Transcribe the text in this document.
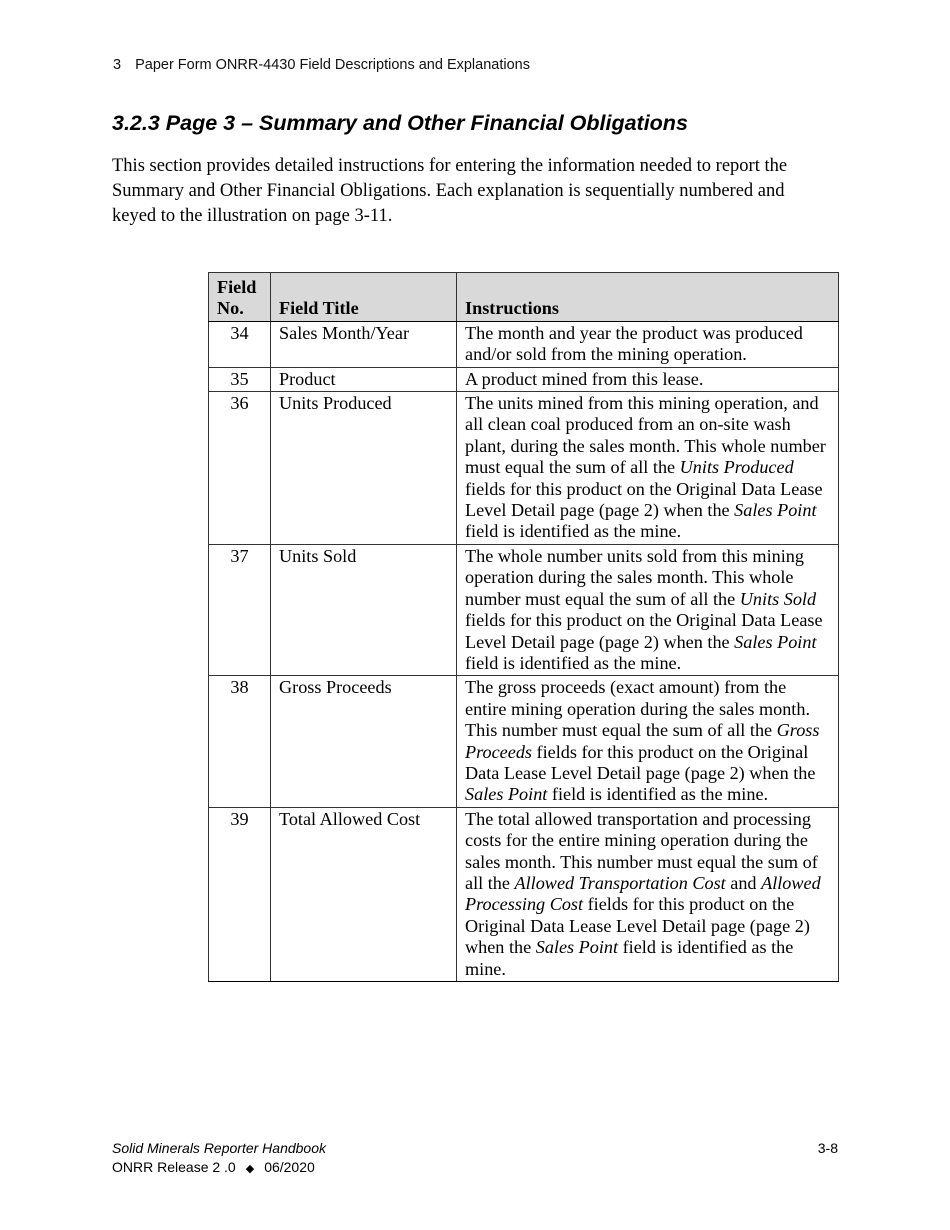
3 Paper Form ONRR-4430 Field Descriptions and Explanations
3.2.3 Page 3 – Summary and Other Financial Obligations

This section provides detailed instructions for entering the information needed to report the Summary and Other Financial Obligations. Each explanation is sequentially numbered and keyed to the illustration on page 3-11.

Field
No.	Field Title	Instructions
34	Sales Month/Year	The month and year the product was produced and/or sold from the mining operation.
35	Product	A product mined from this lease.
36	Units Produced	The units mined from this mining operation, and all clean coal produced from an on-site wash plant, during the sales month. This whole number must equal the sum of all the Units Produced fields for this product on the Original Data Lease Level Detail page (page 2) when the Sales Point field is identified as the mine.
37	Units Sold	The whole number units sold from this mining operation during the sales month. This whole number must equal the sum of all the Units Sold fields for this product on the Original Data Lease Level Detail page (page 2) when the Sales Point field is identified as the mine.
38	Gross Proceeds	The gross proceeds (exact amount) from the entire mining operation during the sales month. This number must equal the sum of all the Gross Proceeds fields for this product on the Original Data Lease Level Detail page (page 2) when the Sales Point field is identified as the mine.
39	Total Allowed Cost	The total allowed transportation and processing costs for the entire mining operation during the sales month. This number must equal the sum of all the Allowed Transportation Cost and Allowed Processing Cost fields for this product on the Original Data Lease Level Detail page (page 2) when the Sales Point field is identified as the mine.
Solid Minerals Reporter Handbook
ONRR Release 2 .0 ◆ 06/2020
3-8
